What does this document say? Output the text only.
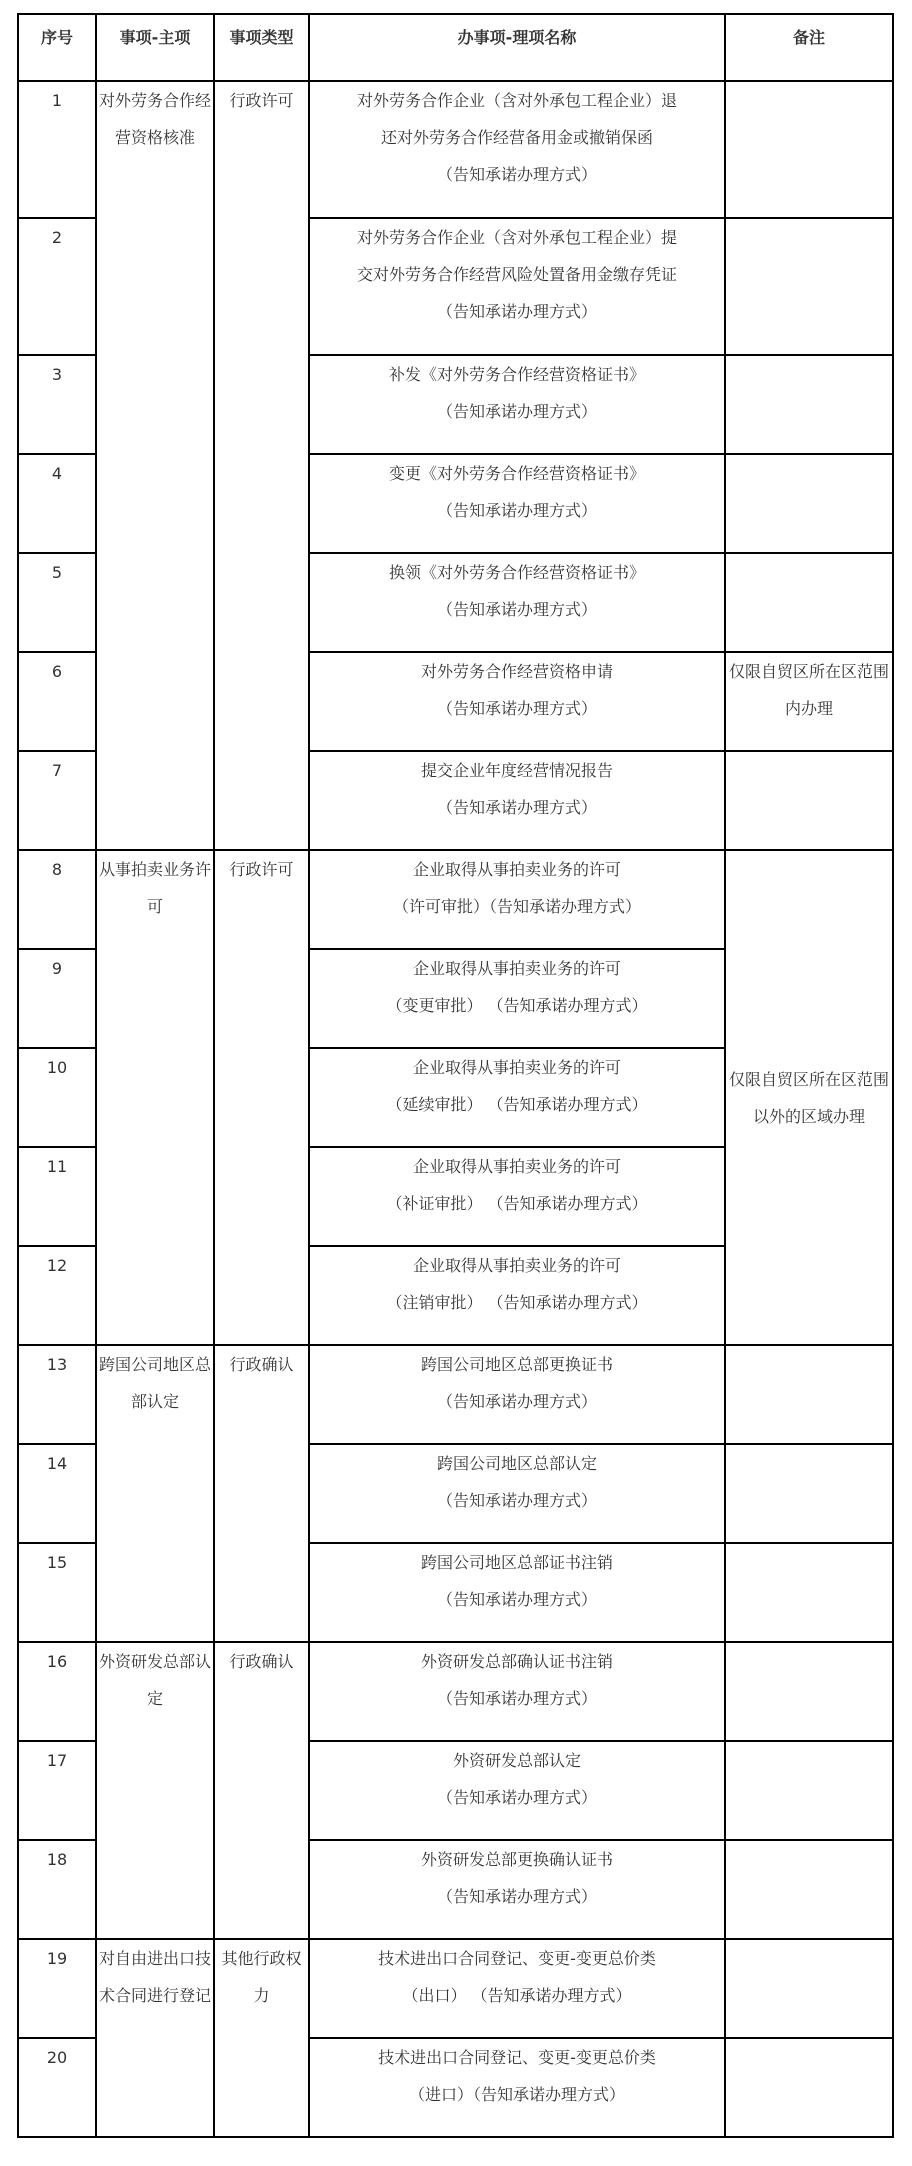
序号	事项-主项	事项类型	办事项-理项名称	备注
1	对外劳务合作经营资格核准	行政许可	对外劳务合作企业（含对外承包工程企业）退
还对外劳务合作经营备用金或撤销保函
（告知承诺办理方式）	

2			对外劳务合作企业（含对外承包工程企业）提
交对外劳务合作经营风险处置备用金缴存凭证
（告知承诺办理方式）	

3			补发《对外劳务合作经营资格证书》
（告知承诺办理方式）	

4			变更《对外劳务合作经营资格证书》
（告知承诺办理方式）	

5			换领《对外劳务合作经营资格证书》
（告知承诺办理方式）	

6			对外劳务合作经营资格申请
（告知承诺办理方式）	仅限自贸区所在区范围内办理
7			提交企业年度经营情况报告
（告知承诺办理方式）	

8	从事拍卖业务许可	行政许可	企业取得从事拍卖业务的许可
（许可审批）（告知承诺办理方式）	仅限自贸区所在区范围以外的区域办理
9			企业取得从事拍卖业务的许可
（变更审批） （告知承诺办理方式）	

10			企业取得从事拍卖业务的许可
（延续审批） （告知承诺办理方式）	

11			企业取得从事拍卖业务的许可
（补证审批） （告知承诺办理方式）	

12			企业取得从事拍卖业务的许可
（注销审批） （告知承诺办理方式）	

13	跨国公司地区总部认定	行政确认	跨国公司地区总部更换证书
（告知承诺办理方式）	

14			跨国公司地区总部认定
（告知承诺办理方式）	

15			跨国公司地区总部证书注销
（告知承诺办理方式）	

16	外资研发总部认定	行政确认	外资研发总部确认证书注销
（告知承诺办理方式）	

17			外资研发总部认定
（告知承诺办理方式）	

18			外资研发总部更换确认证书
（告知承诺办理方式）	

19	对自由进出口技术合同进行登记	其他行政权力	技术进出口合同登记、变更-变更总价类
（出口） （告知承诺办理方式）	

20			技术进出口合同登记、变更-变更总价类
（进口）（告知承诺办理方式）	
